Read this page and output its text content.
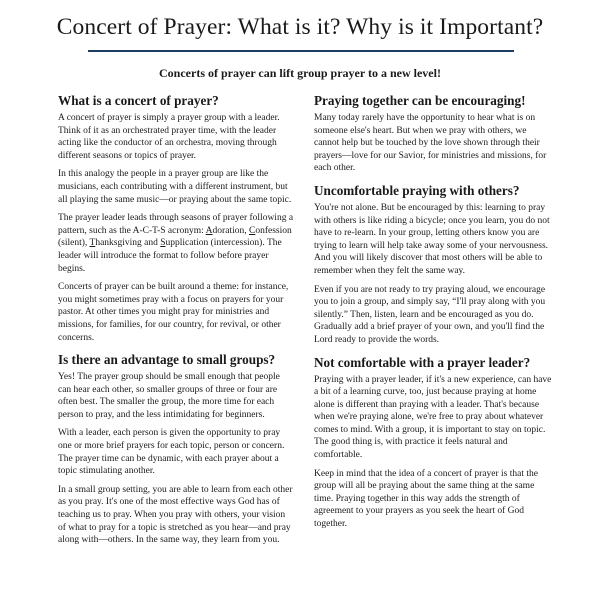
Concert of Prayer: What is it? Why is it Important?

Concerts of prayer can lift group prayer to a new level!

What is a concert of prayer?

A concert of prayer is simply a prayer group with a leader. Think of it as an orchestrated prayer time, with the leader acting like the conductor of an orchestra, moving through different seasons or topics of prayer.

In this analogy the people in a prayer group are like the musicians, each contributing with a different instrument, but all playing the same music—or praying about the same topic.

The prayer leader leads through seasons of prayer following a pattern, such as the A-C-T-S acronym: Adoration, Confession (silent), Thanksgiving and Supplication (intercession). The leader will introduce the format to follow before prayer begins.

Concerts of prayer can be built around a theme: for instance, you might sometimes pray with a focus on prayers for your pastor. At other times you might pray for ministries and missions, for families, for our country, for revival, or other concerns.

Is there an advantage to small groups?

Yes! The prayer group should be small enough that people can hear each other, so smaller groups of three or four are often best. The smaller the group, the more time for each person to pray, and the less intimidating for beginners.

With a leader, each person is given the opportunity to pray one or more brief prayers for each topic, person or concern. The prayer time can be dynamic, with each prayer about a topic stimulating another.

In a small group setting, you are able to learn from each other as you pray. It's one of the most effective ways God has of teaching us to pray. When you pray with others, your vision of what to pray for a topic is stretched as you hear—and pray along with—others. In the same way, they learn from you.

Praying together can be encouraging!

Many today rarely have the opportunity to hear what is on someone else's heart. But when we pray with others, we cannot help but be touched by the love shown through their prayers—love for our Savior, for ministries and missions, for each other.

Uncomfortable praying with others?

You're not alone. But be encouraged by this: learning to pray with others is like riding a bicycle; once you learn, you do not have to re-learn. In your group, letting others know you are trying to learn will help take away some of your nervousness. And you will likely discover that most others will be able to remember when they felt the same way.

Even if you are not ready to try praying aloud, we encourage you to join a group, and simply say, “I'll pray along with you silently.” Then, listen, learn and be encouraged as you do. Gradually add a brief prayer of your own, and you'll find the Lord ready to provide the words.

Not comfortable with a prayer leader?

Praying with a prayer leader, if it's a new experience, can have a bit of a learning curve, too, just because praying at home alone is different than praying with a leader. That's because when we're praying alone, we're free to pray about whatever comes to mind. With a group, it is important to stay on topic. The good thing is, with practice it feels natural and comfortable.

Keep in mind that the idea of a concert of prayer is that the group will all be praying about the same thing at the same time. Praying together in this way adds the strength of agreement to your prayers as you seek the heart of God together.
